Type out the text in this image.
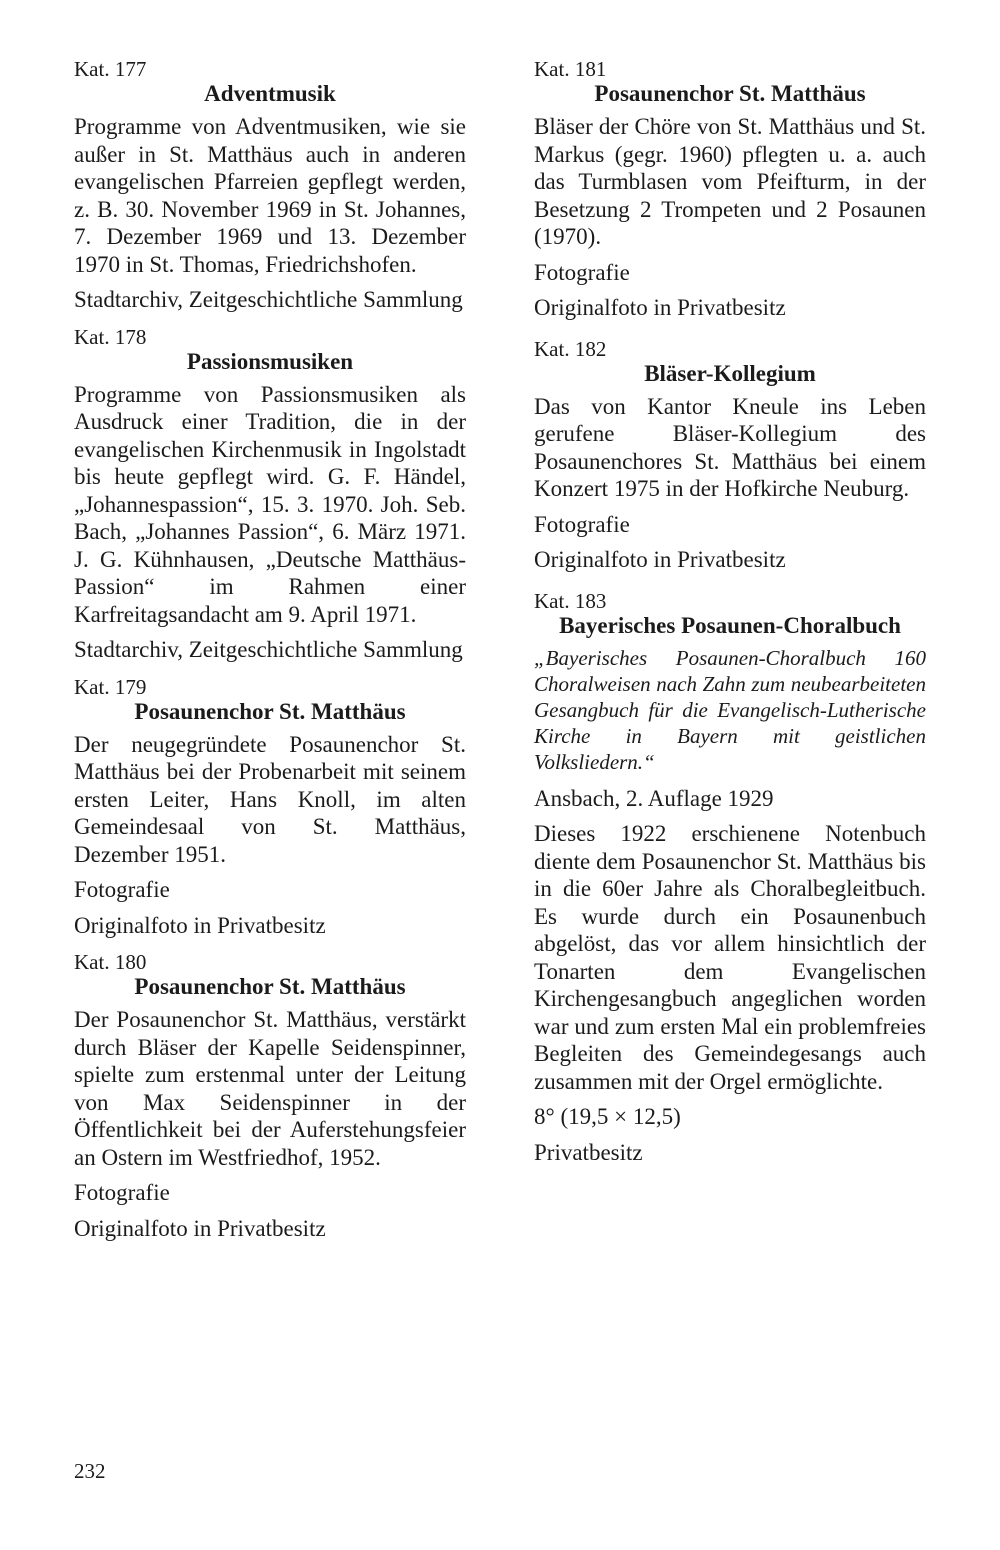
Kat. 177

Adventmusik

Programme von Adventmusiken, wie sie außer in St. Matthäus auch in anderen evangelischen Pfarreien gepflegt werden, z. B. 30. November 1969 in St. Johannes, 7. Dezember 1969 und 13. Dezember 1970 in St. Thomas, Friedrichshofen.

Stadtarchiv, Zeitgeschichtliche Sammlung

Kat. 178

Passionsmusiken

Programme von Passionsmusiken als Ausdruck einer Tradition, die in der evangelischen Kirchenmusik in Ingolstadt bis heute gepflegt wird. G. F. Händel, „Johannespassion“, 15. 3. 1970. Joh. Seb. Bach, „Johannes Passion“, 6. März 1971. J. G. Kühnhausen, „Deutsche Matthäus-Passion“ im Rahmen einer Karfreitagsandacht am 9. April 1971.

Stadtarchiv, Zeitgeschichtliche Sammlung

Kat. 179

Posaunenchor St. Matthäus

Der neugegründete Posaunenchor St. Matthäus bei der Probenarbeit mit seinem ersten Leiter, Hans Knoll, im alten Gemeindesaal von St. Matthäus, Dezember 1951.

Fotografie

Originalfoto in Privatbesitz

Kat. 180

Posaunenchor St. Matthäus

Der Posaunenchor St. Matthäus, verstärkt durch Bläser der Kapelle Seidenspinner, spielte zum erstenmal unter der Leitung von Max Seidenspinner in der Öffentlichkeit bei der Auferstehungsfeier an Ostern im Westfriedhof, 1952.

Fotografie

Originalfoto in Privatbesitz

Kat. 181

Posaunenchor St. Matthäus

Bläser der Chöre von St. Matthäus und St. Markus (gegr. 1960) pflegten u. a. auch das Turmblasen vom Pfeifturm, in der Besetzung 2 Trompeten und 2 Posaunen (1970).

Fotografie

Originalfoto in Privatbesitz

Kat. 182

Bläser-Kollegium

Das von Kantor Kneule ins Leben gerufene Bläser-Kollegium des Posaunenchores St. Matthäus bei einem Konzert 1975 in der Hofkirche Neuburg.

Fotografie

Originalfoto in Privatbesitz

Kat. 183

Bayerisches Posaunen-Choralbuch

„Bayerisches Posaunen-Choralbuch 160 Choralweisen nach Zahn zum neubearbeiteten Gesangbuch für die Evangelisch-Lutherische Kirche in Bayern mit geistlichen Volksliedern.“

Ansbach, 2. Auflage 1929

Dieses 1922 erschienene Notenbuch diente dem Posaunenchor St. Matthäus bis in die 60er Jahre als Choralbegleitbuch. Es wurde durch ein Posaunenbuch abgelöst, das vor allem hinsichtlich der Tonarten dem Evangelischen Kirchengesangbuch angeglichen worden war und zum ersten Mal ein problemfreies Begleiten des Gemeindegesangs auch zusammen mit der Orgel ermöglichte.

8° (19,5 × 12,5)

Privatbesitz

232
